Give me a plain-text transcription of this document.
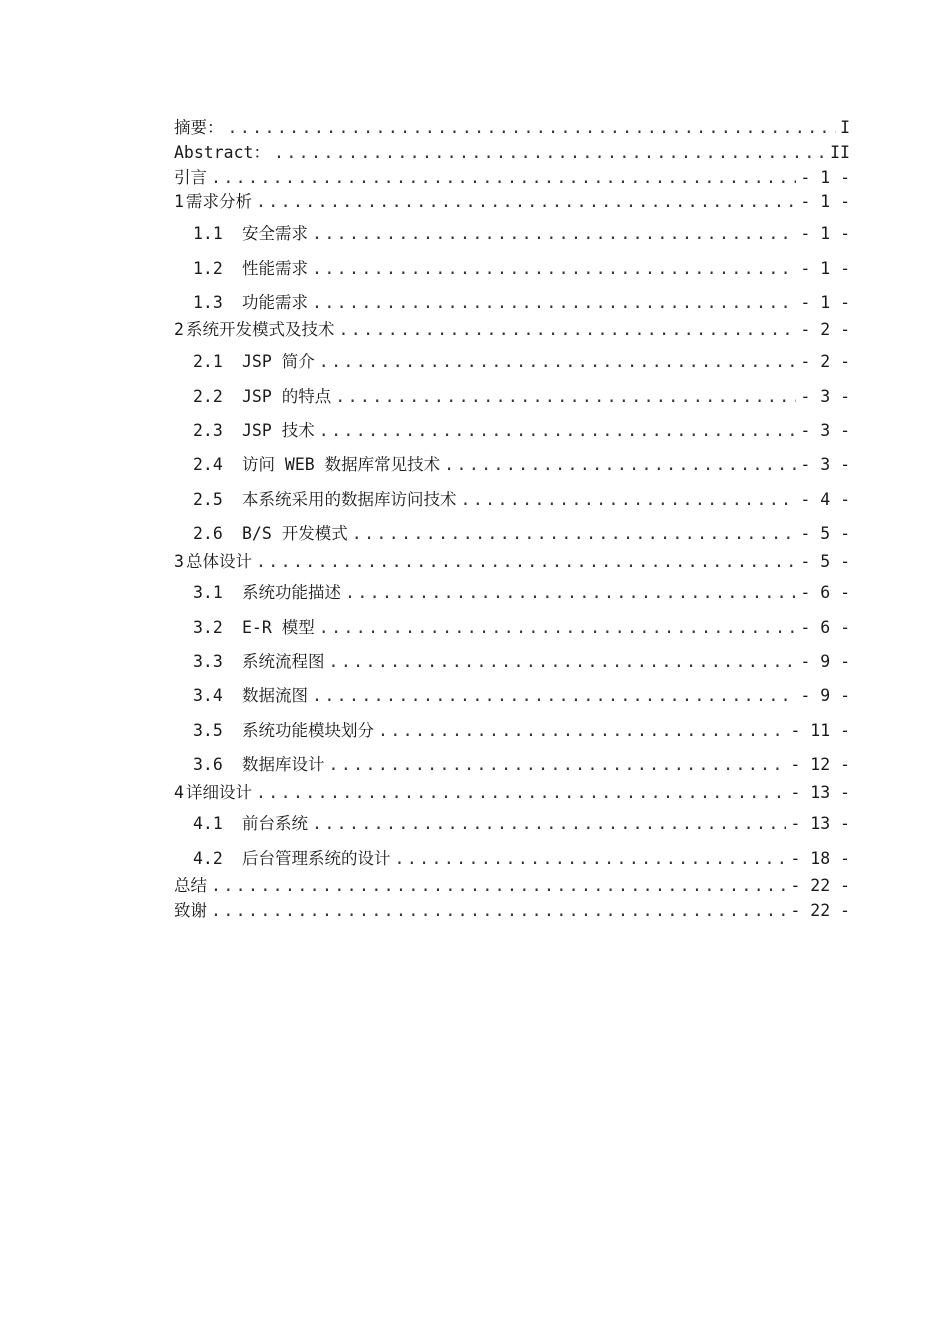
摘要： .....	I
Abstract： .....	II
引言 .....	- 1 -
1 需求分析 .....	- 1 -
1.1	安全需求 .....	- 1 -
1.2	性能需求 .....	- 1 -
1.3	功能需求 .....	- 1 -
2 系统开发模式及技术 .....	- 2 -
2.1	JSP 简介 .....	- 2 -
2.2	JSP 的特点 .....	- 3 -
2.3	JSP 技术 .....	- 3 -
2.4	访问 WEB 数据库常见技术 .....	- 3 -
2.5	本系统采用的数据库访问技术 .....	- 4 -
2.6	B/S 开发模式 .....	- 5 -
3 总体设计 .....	- 5 -
3.1	系统功能描述 .....	- 6 -
3.2	E-R 模型 .....	- 6 -
3.3	系统流程图 .....	- 9 -
3.4	数据流图 .....	- 9 -
3.5	系统功能模块划分 .....	- 11 -
3.6	数据库设计 .....	- 12 -
4 详细设计 .....	- 13 -
4.1	前台系统 .....	- 13 -
4.2	后台管理系统的设计 .....	- 18 -
总结 .....	- 22 -
致谢 .....	- 22 -
